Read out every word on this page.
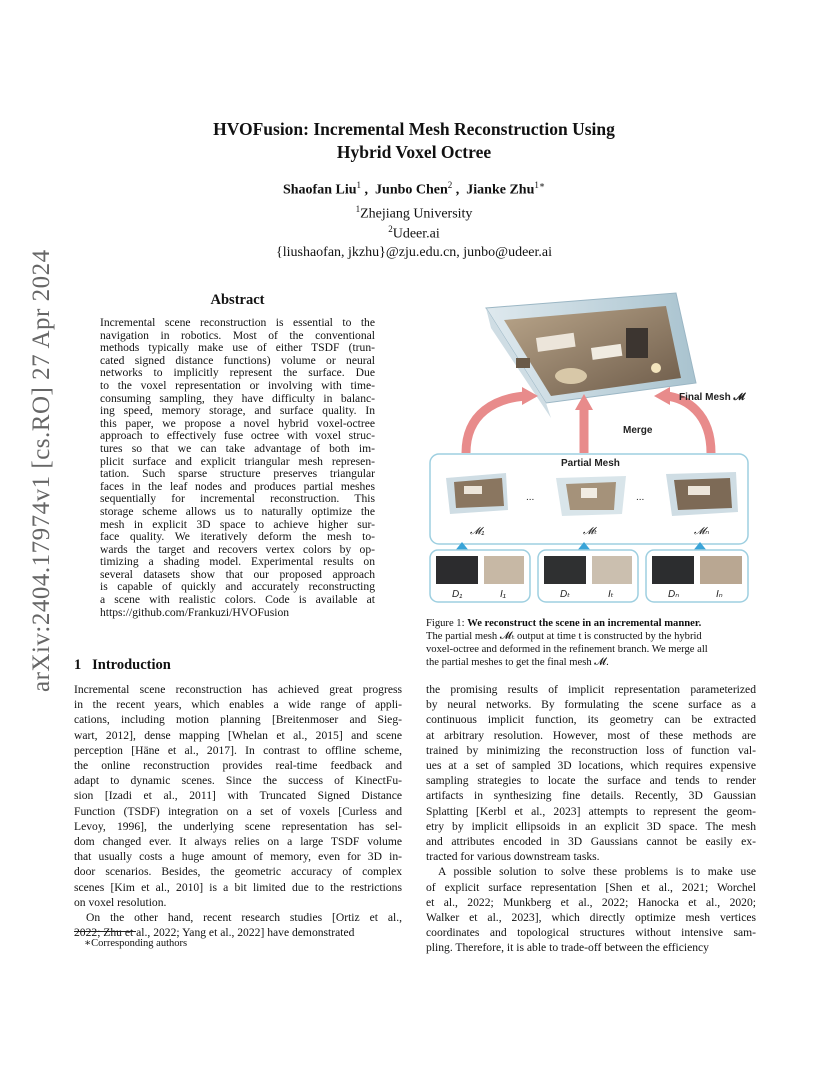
arXiv:2404.17974v1 [cs.RO] 27 Apr 2024
HVOFusion: Incremental Mesh Reconstruction Using
Hybrid Voxel Octree
Shaofan Liu$^1$ ,  Junbo Chen$^2$ ,  Jianke Zhu$^{1∗}$
$^1$Zhejiang University
$^2$Udeer.ai
{liushaofan, jkzhu}@zju.edu.cn, junbo@udeer.ai
Abstract
Incremental scene reconstruction is essential to the
navigation in robotics. Most of the conventional
methods typically make use of either TSDF (trun-
cated signed distance functions) volume or neural
networks to implicitly represent the surface. Due
to the voxel representation or involving with time-
consuming sampling, they have difficulty in balanc-
ing speed, memory storage, and surface quality. In
this paper, we propose a novel hybrid voxel-octree
approach to effectively fuse octree with voxel struc-
tures so that we can take advantage of both im-
plicit surface and explicit triangular mesh represen-
tation. Such sparse structure preserves triangular
faces in the leaf nodes and produces partial meshes
sequentially for incremental reconstruction. This
storage scheme allows us to naturally optimize the
mesh in explicit 3D space to achieve higher sur-
face quality. We iteratively deform the mesh to-
wards the target and recovers vertex colors by op-
timizing a shading model. Experimental results on
several datasets show that our proposed approach
is capable of quickly and accurately reconstructing
a scene with realistic colors. Code is available at
https://github.com/Frankuzi/HVOFusion
1 Introduction
Incremental scene reconstruction has achieved great progress
in the recent years, which enables a wide range of appli-
cations, including motion planning [Breitenmoser and Sieg-
wart, 2012], dense mapping [Whelan et al., 2015] and scene
perception [Häne et al., 2017]. In contrast to offline scheme,
the online reconstruction provides real-time feedback and
adapt to dynamic scenes. Since the success of KinectFu-
sion [Izadi et al., 2011] with Truncated Signed Distance
Function (TSDF) integration on a set of voxels [Curless and
Levoy, 1996], the underlying scene representation has sel-
dom changed ever. It always relies on a large TSDF volume
that usually costs a huge amount of memory, even for 3D in-
door scenarios. Besides, the geometric accuracy of complex
scenes [Kim et al., 2010] is a bit limited due to the restrictions
on voxel resolution.
On the other hand, recent research studies [Ortiz et al.,
2022; Zhu et al., 2022; Yang et al., 2022] have demonstrated
∗Corresponding authors
the promising results of implicit representation parameterized
by neural networks. By formulating the scene surface as a
continuous implicit function, its geometry can be extracted
at arbitrary resolution. However, most of these methods are
trained by minimizing the reconstruction loss of function val-
ues at a set of sampled 3D locations, which requires expensive
sampling strategies to locate the surface and tends to render
artifacts in synthesizing fine details. Recently, 3D Gaussian
Splatting [Kerbl et al., 2023] attempts to represent the geom-
etry by implicit ellipsoids in an explicit 3D space. The mesh
and attributes encoded in 3D Gaussians cannot be easily ex-
tracted for various downstream tasks.
A possible solution to solve these problems is to make use
of explicit surface representation [Shen et al., 2021; Worchel
et al., 2022; Munkberg et al., 2022; Hanocka et al., 2020;
Walker et al., 2023], which directly optimize mesh vertices
coordinates and topological structures without intensive sam-
pling. Therefore, it is able to trade-off between the efficiency
Final Mesh 𝓜
Merge
Partial Mesh
...	...
𝓜₁	𝓜ₜ	𝓜ₙ
D₁	I₁	Dₜ	Iₜ	Dₙ	Iₙ
Figure 1: We reconstruct the scene in an incremental manner.
The partial mesh 𝓜ₜ output at time t is constructed by the hybrid
voxel-octree and deformed in the refinement branch. We merge all
the partial meshes to get the final mesh 𝓜.
